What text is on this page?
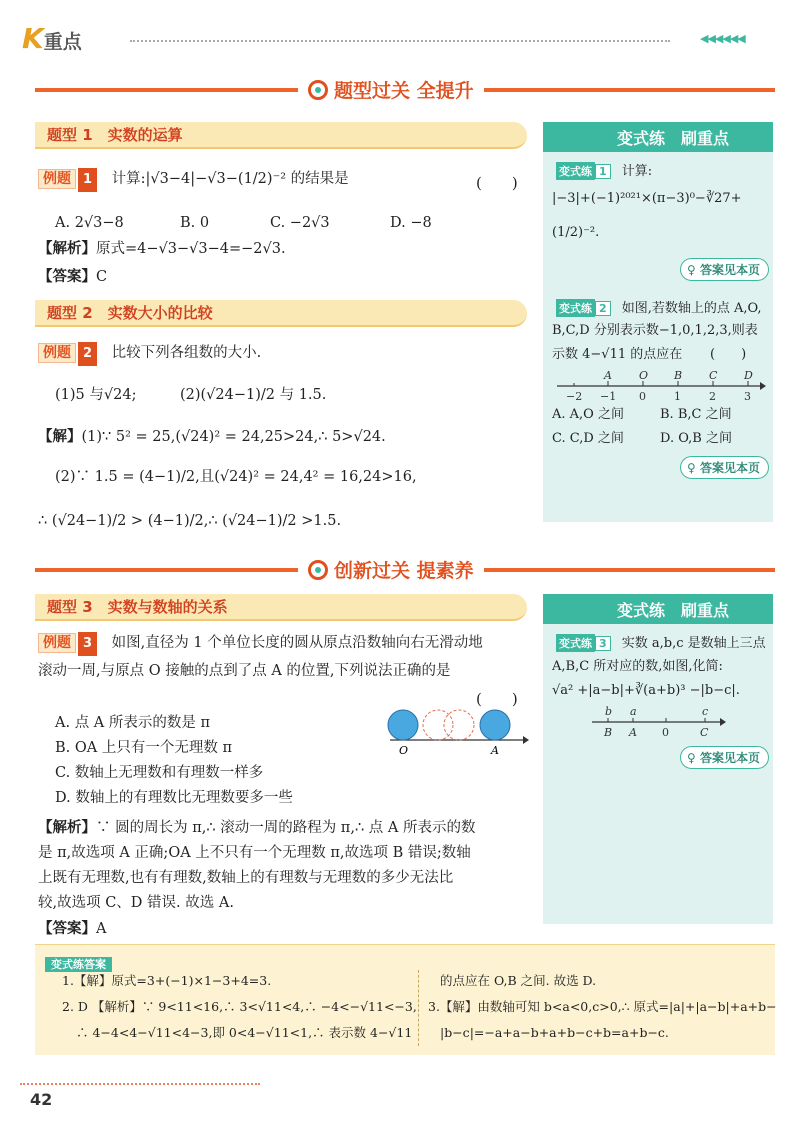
K重点	◀◀◀◀◀◀
题型过关 全提升
题型 1　实数的运算
例题 1 计算:|√3−4|−√3−(1/2)⁻² 的结果是	(　　)
A. 2√3−8	B. 0	C. −2√3	D. −8
【解析】原式=4−√3−√3−4=−2√3.
【答案】C
题型 2　实数大小的比较
例题 2 比较下列各组数的大小.
(1)5 与√24;　　　(2)(√24−1)/2 与 1.5.
【解】(1)∵ 5² = 25,(√24)² = 24,25>24,∴ 5>√24.
(2)∵ 1.5 = (4−1)/2,且(√24)² = 24,4² = 16,24>16,
∴ (√24−1)/2 > (4−1)/2,∴ (√24−1)/2 >1.5.
变式练 刷重点
变式练 1 计算:
|−3|+(−1)²⁰²¹×(π−3)⁰−∛27+
(1/2)⁻².
♀ 答案见本页
变式练 2 如图,若数轴上的点 A,O,
B,C,D 分别表示数−1,0,1,2,3,则表
示数 4−√11 的点应在 (　　)
A O B C D
−2 −1 0	1	2	3
A. A,O 之间	B. B,C 之间
C. C,D 之间	D. O,B 之间
♀ 答案见本页
创新过关 提素养
题型 3　实数与数轴的关系
例题 3 如图,直径为 1 个单位长度的圆从原点沿数轴向右无滑动地
滚动一周,与原点 O 接触的点到了点 A 的位置,下列说法正确的是
(　　)
A. 点 A 所表示的数是 π
B. OA 上只有一个无理数 π
C. 数轴上无理数和有理数一样多
D. 数轴上的有理数比无理数要多一些
O	A
【解析】∵ 圆的周长为 π,∴ 滚动一周的路程为 π,∴ 点 A 所表示的数
是 π,故选项 A 正确;OA 上不只有一个无理数 π,故选项 B 错误;数轴
上既有无理数,也有有理数,数轴上的有理数与无理数的多少无法比
较,故选项 C、D 错误. 故选 A.
【答案】A
变式练 刷重点
变式练 3 实数 a,b,c 是数轴上三点
A,B,C 所对应的数,如图,化简:
√a² +|a−b|+∛(a+b)³ −|b−c|.
b a	c
B A 0	C
♀ 答案见本页
变式练答案
1.【解】原式=3+(−1)×1−3+4=3.
2. D 【解析】∵ 9<11<16,∴ 3<√11<4,∴ −4<−√11<−3,
∴ 4−4<4−√11<4−3,即 0<4−√11<1,∴ 表示数 4−√11
的点应在 O,B 之间. 故选 D.
3.【解】由数轴可知 b<a<0,c>0,∴ 原式=|a|+|a−b|+a+b−
|b−c|=−a+a−b+a+b−c+b=a+b−c.
42
